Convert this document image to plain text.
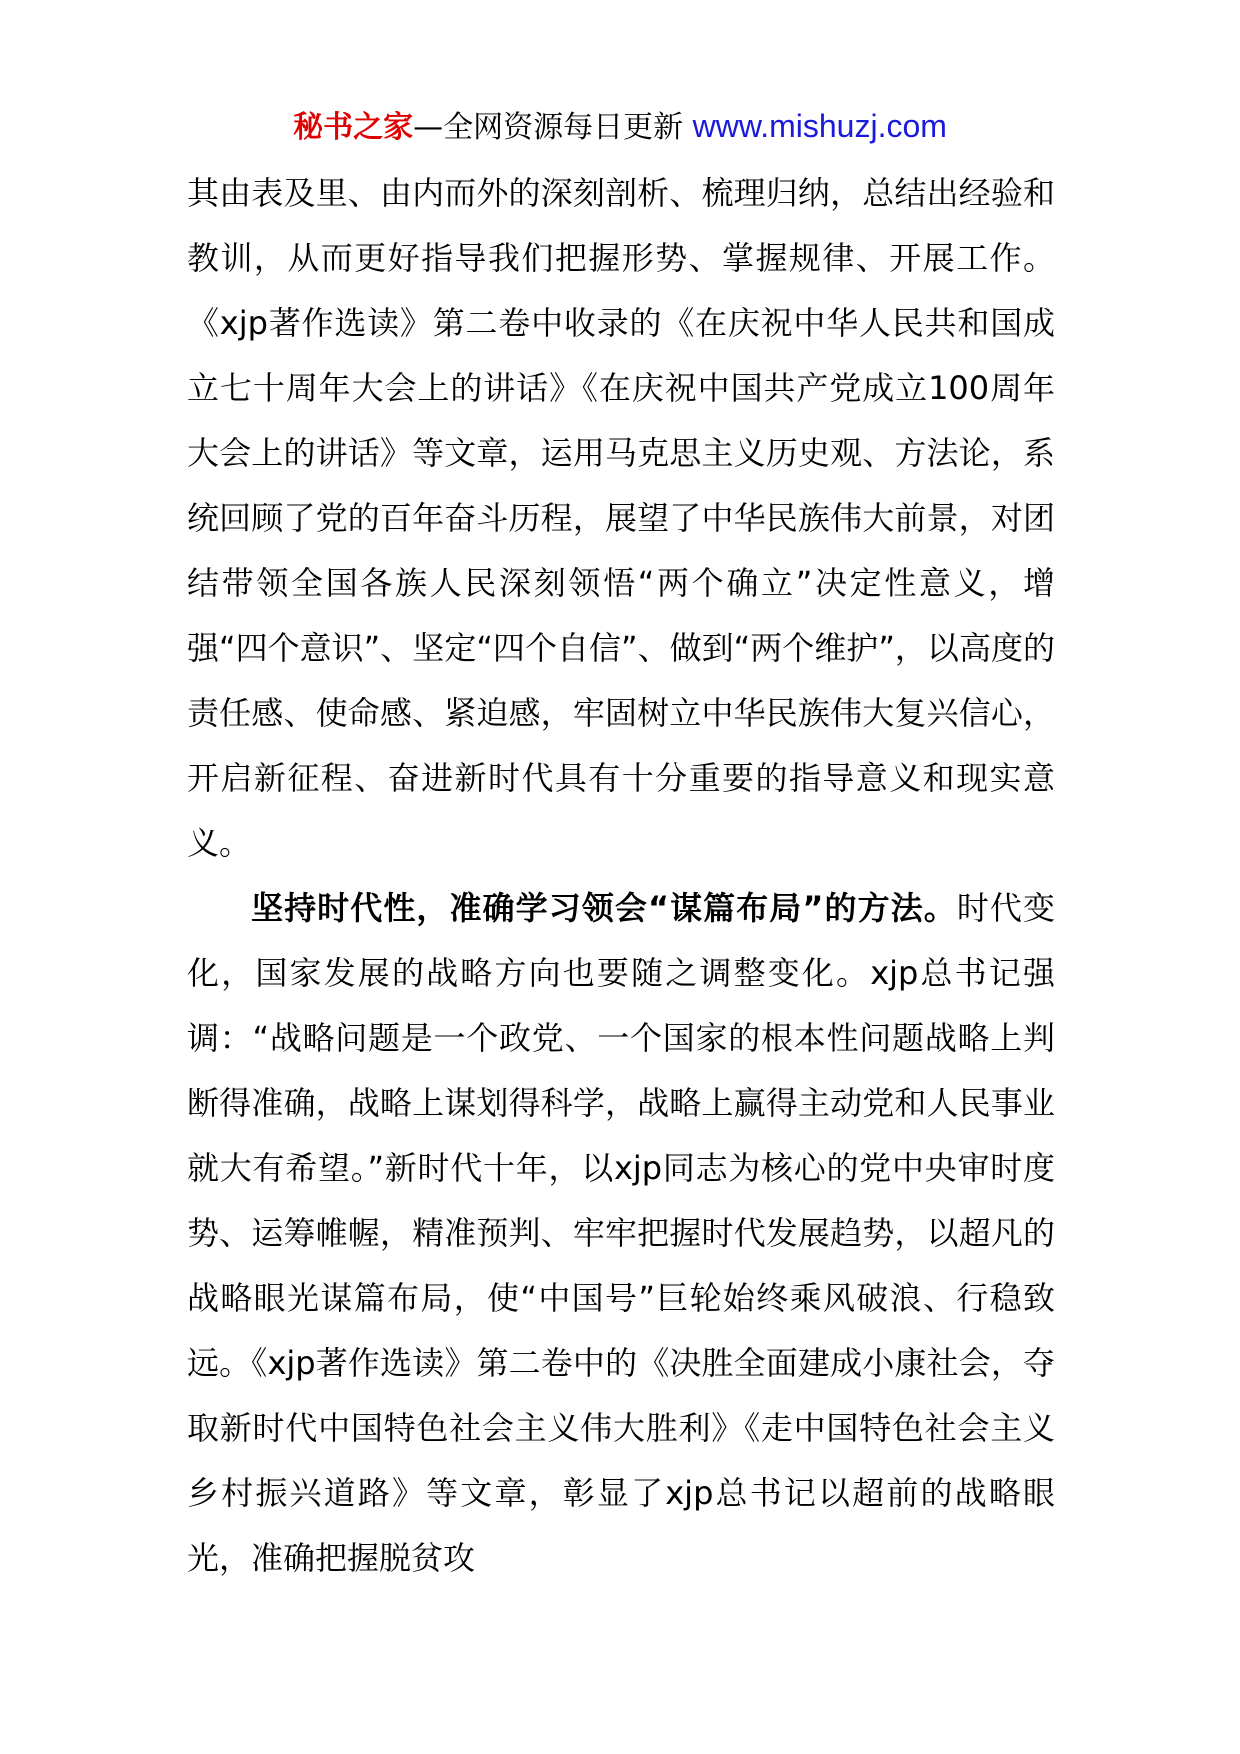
秘书之家—全网资源每日更新 www.mishuzj.com

其由表及里、由内而外的深刻剖析、梳理归纳，总结出经验和教训，从而更好指导我们把握形势、掌握规律、开展工作。《xjp著作选读》第二卷中收录的《在庆祝中华人民共和国成立七十周年大会上的讲话》《在庆祝中国共产党成立100周年大会上的讲话》等文章，运用马克思主义历史观、方法论，系统回顾了党的百年奋斗历程，展望了中华民族伟大前景，对团结带领全国各族人民深刻领悟“两个确立”决定性意义，增强“四个意识”、坚定“四个自信”、做到“两个维护”，以高度的责任感、使命感、紧迫感，牢固树立中华民族伟大复兴信心，开启新征程、奋进新时代具有十分重要的指导意义和现实意义。

坚持时代性，准确学习领会“谋篇布局”的方法。时代变化，国家发展的战略方向也要随之调整变化。xjp总书记强调：“战略问题是一个政党、一个国家的根本性问题战略上判断得准确，战略上谋划得科学，战略上赢得主动党和人民事业就大有希望。”新时代十年，以xjp同志为核心的党中央审时度势、运筹帷幄，精准预判、牢牢把握时代发展趋势，以超凡的战略眼光谋篇布局，使“中国号”巨轮始终乘风破浪、行稳致远。《xjp著作选读》第二卷中的《决胜全面建成小康社会，夺取新时代中国特色社会主义伟大胜利》《走中国特色社会主义乡村振兴道路》等文章，彰显了xjp总书记以超前的战略眼光，准确把握脱贫攻
